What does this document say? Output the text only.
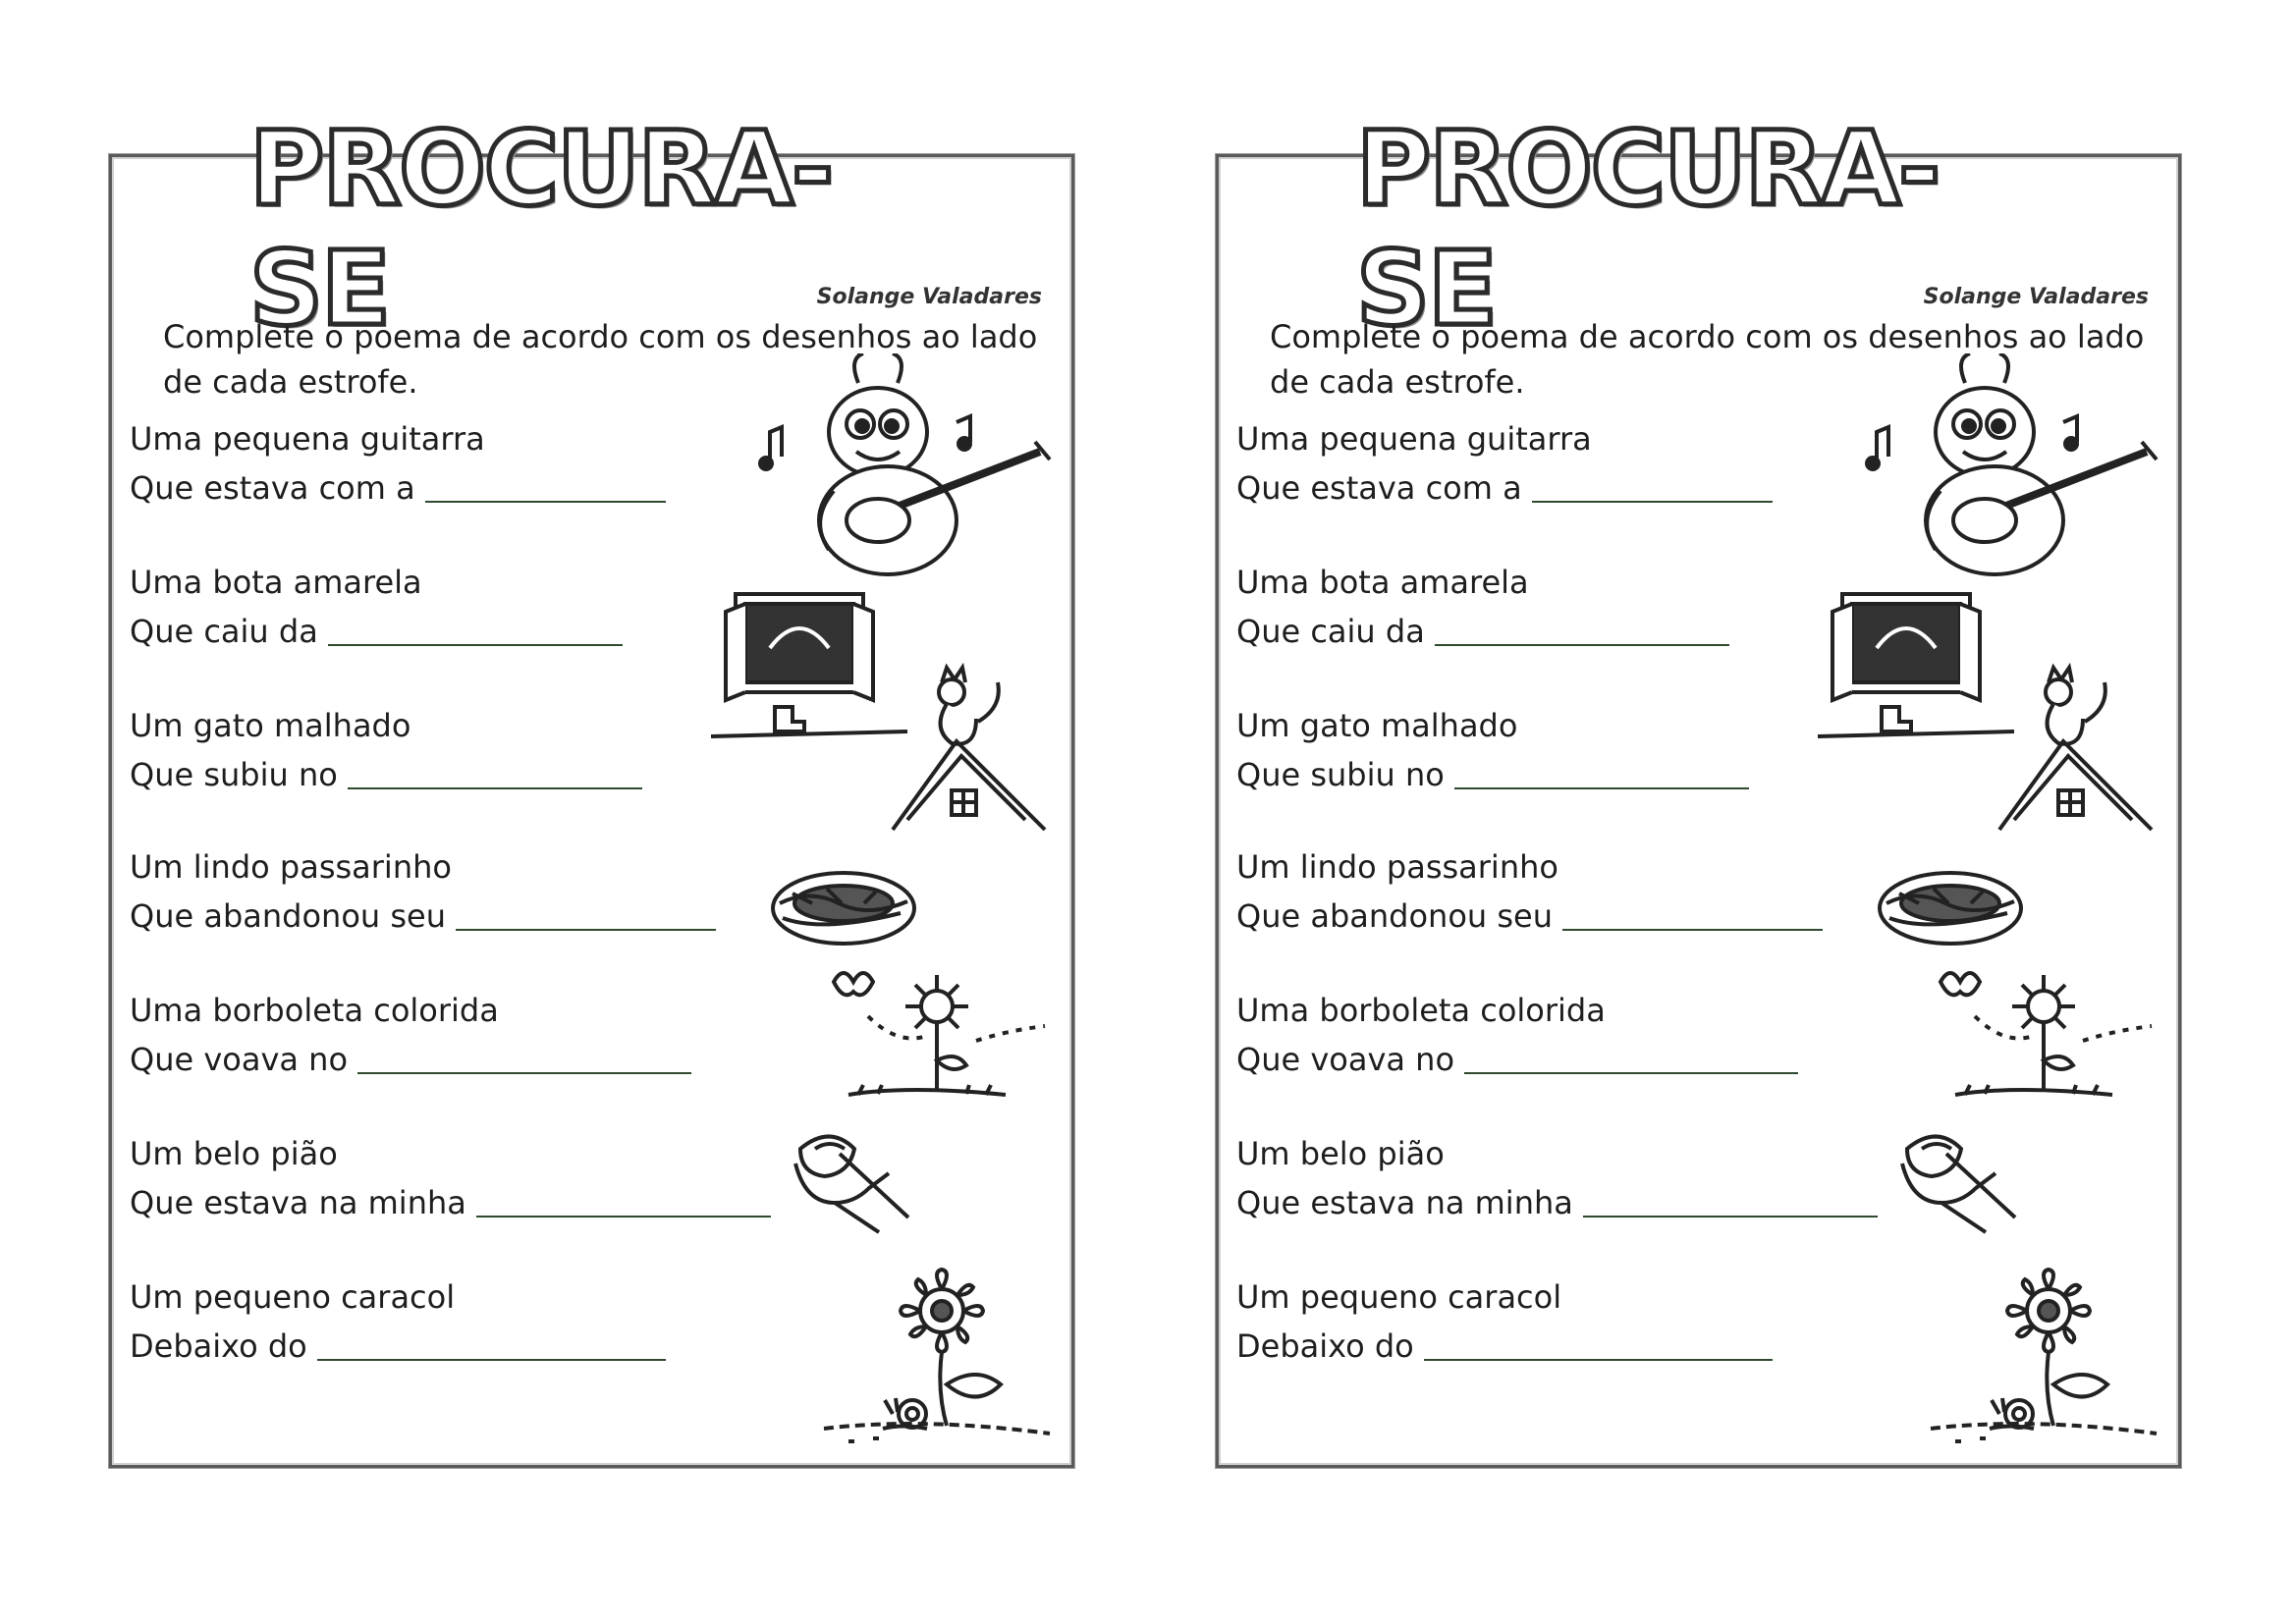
PROCURA-SE	Solange Valadares

Complete o poema de acordo com os desenhos ao lado de cada estrofe.

Uma pequena guitarra
Que estava com a
Uma bota amarela
Que caiu da
Um gato malhado
Que subiu no
Um lindo passarinho
Que abandonou seu
Uma borboleta colorida
Que voava no
Um belo pião
Que estava na minha
Um pequeno caracol
Debaixo do
PROCURA-SE	Solange Valadares

Complete o poema de acordo com os desenhos ao lado de cada estrofe.

Uma pequena guitarra
Que estava com a
Uma bota amarela
Que caiu da
Um gato malhado
Que subiu no
Um lindo passarinho
Que abandonou seu
Uma borboleta colorida
Que voava no
Um belo pião
Que estava na minha
Um pequeno caracol
Debaixo do
